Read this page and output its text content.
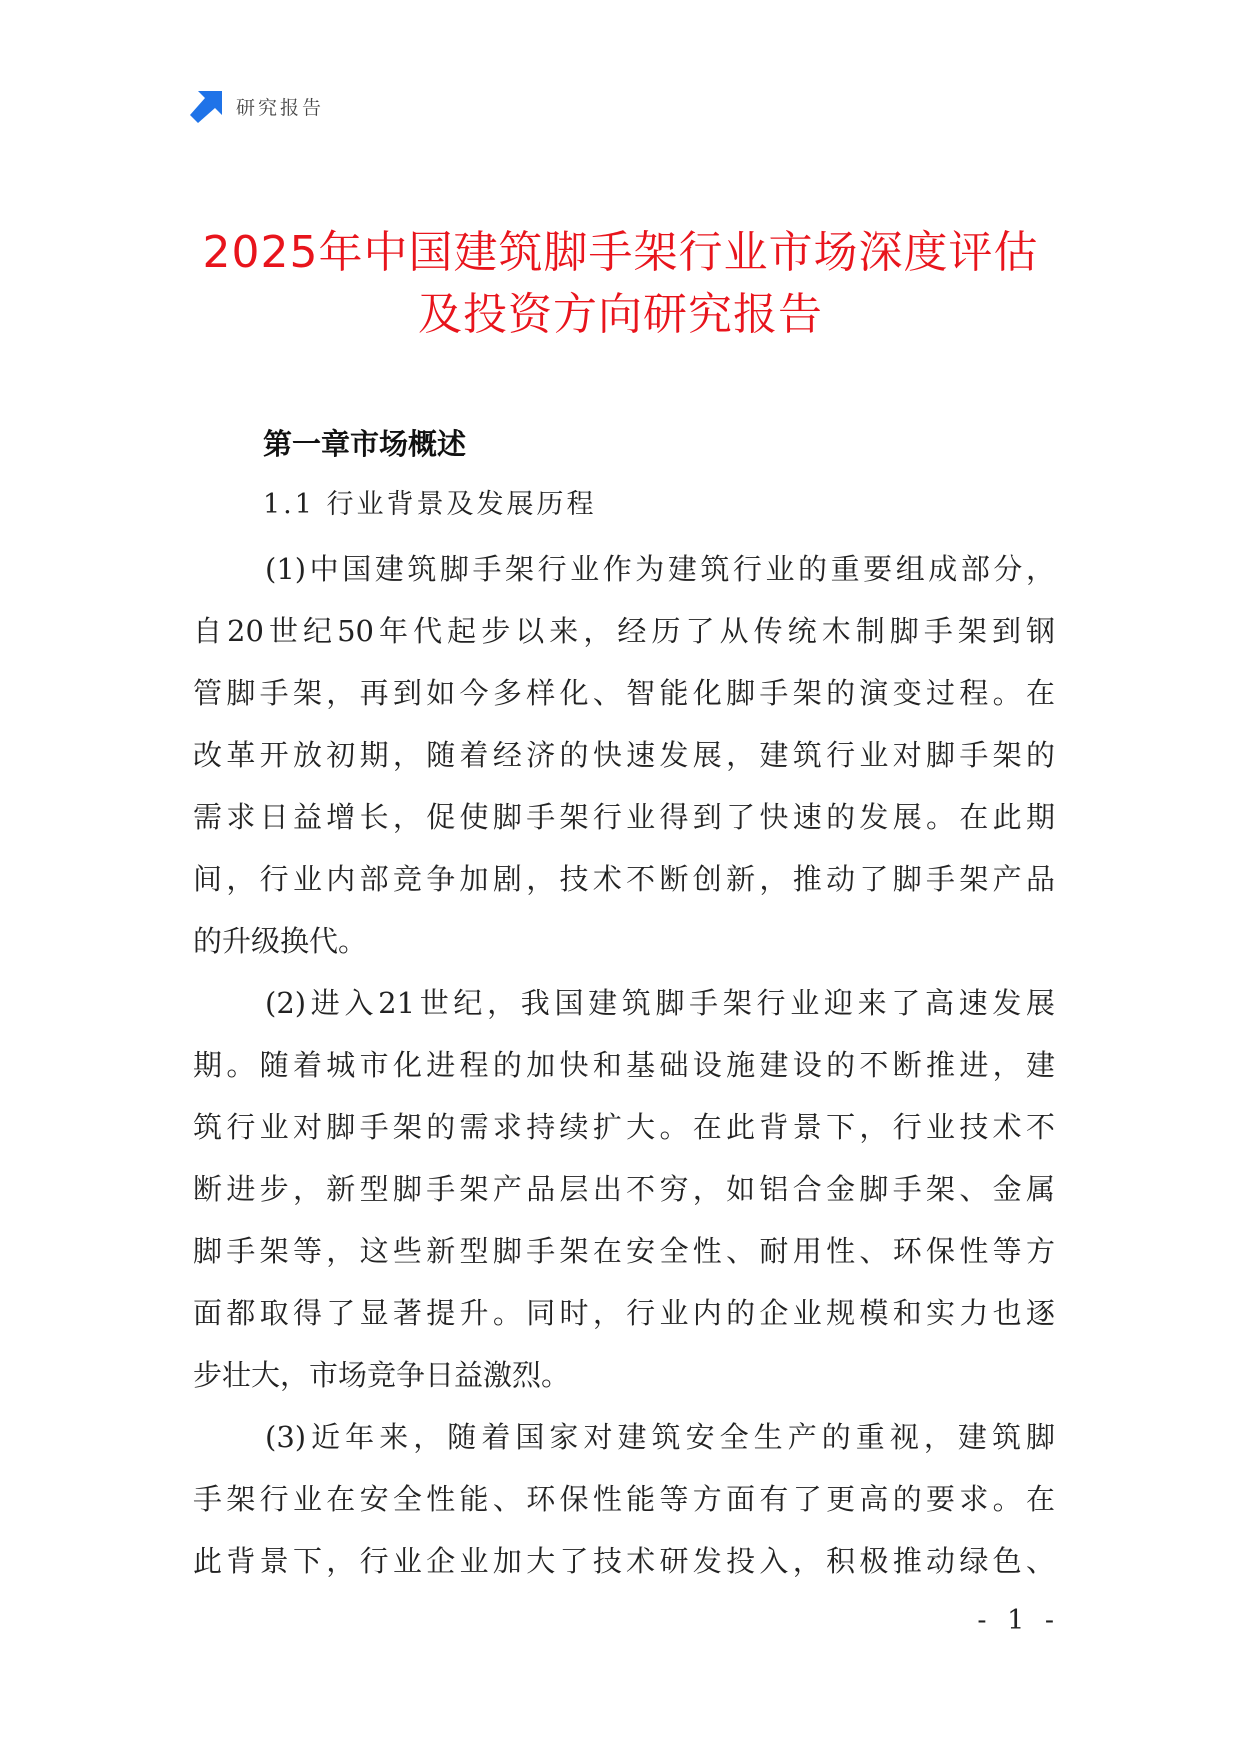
研究报告
2025年中国建筑脚手架行业市场深度评估
及投资方向研究报告
第一章市场概述
1.1 行业背景及发展历程
(1)中国建筑脚手架行业作为建筑行业的重要组成部分，
自20世纪50年代起步以来，经历了从传统木制脚手架到钢
管脚手架，再到如今多样化、智能化脚手架的演变过程。在
改革开放初期，随着经济的快速发展，建筑行业对脚手架的
需求日益增长，促使脚手架行业得到了快速的发展。在此期
间，行业内部竞争加剧，技术不断创新，推动了脚手架产品
的升级换代。
(2)进入21世纪，我国建筑脚手架行业迎来了高速发展
期。随着城市化进程的加快和基础设施建设的不断推进，建
筑行业对脚手架的需求持续扩大。在此背景下，行业技术不
断进步，新型脚手架产品层出不穷，如铝合金脚手架、金属
脚手架等，这些新型脚手架在安全性、耐用性、环保性等方
面都取得了显著提升。同时，行业内的企业规模和实力也逐
步壮大，市场竞争日益激烈。
(3)近年来，随着国家对建筑安全生产的重视，建筑脚
手架行业在安全性能、环保性能等方面有了更高的要求。在
此背景下，行业企业加大了技术研发投入，积极推动绿色、
- 1 -
